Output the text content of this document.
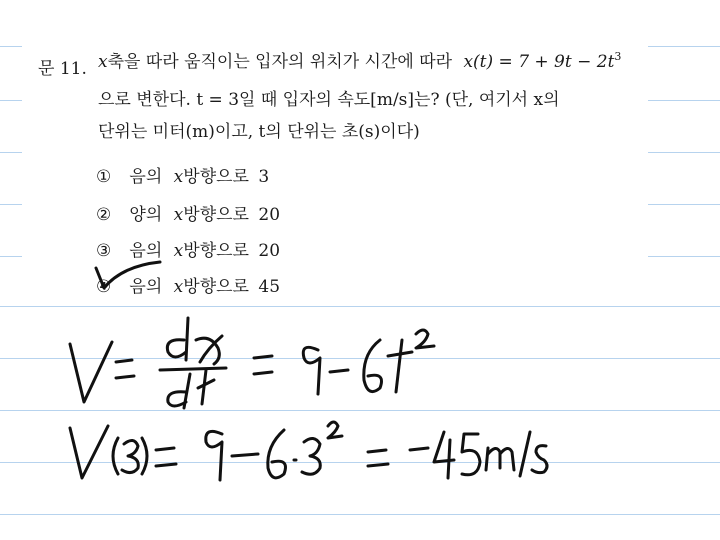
문 11. x축을 따라 움직이는 입자의 위치가 시간에 따라 $x(t) = 7 + 9t - 2t^3$
으로 변한다. t = 3일 때 입자의 속도[m/s]는? (단, 여기서 x의
단위는 미터(m)이고, t의 단위는 초(s)이다)
① 음의 x방향으로 3
② 양의 x방향으로 20
③ 음의 x방향으로 20
④ 음의 x방향으로 45
